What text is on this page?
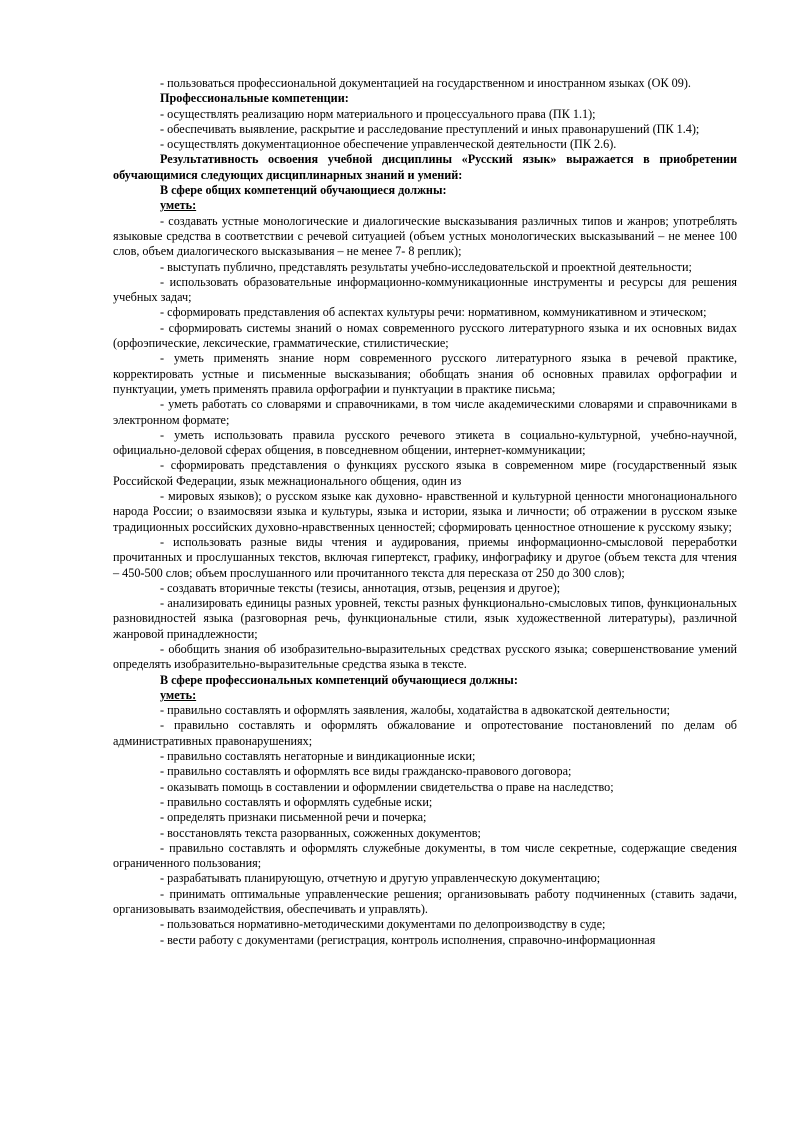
- пользоваться профессиональной документацией на государственном и иностранном языках (ОК 09).

Профессиональные компетенции:

- осуществлять реализацию норм материального и процессуального права (ПК 1.1);

- обеспечивать выявление, раскрытие и расследование преступлений и иных правонарушений (ПК 1.4);

- осуществлять документационное обеспечение управленческой деятельности (ПК 2.6).

Результативность освоения учебной дисциплины «Русский язык» выражается в приобретении обучающимися следующих дисциплинарных знаний и умений:

В сфере общих компетенций обучающиеся должны:

уметь:

- создавать устные монологические и диалогические высказывания различных типов и жанров; употреблять языковые средства в соответствии с речевой ситуацией (объем устных монологических высказываний – не менее 100 слов, объем диалогического высказывания – не менее 7- 8 реплик);

- выступать публично, представлять результаты учебно-исследовательской и проектной деятельности;

- использовать образовательные информационно-коммуникационные инструменты и ресурсы для решения учебных задач;

- сформировать представления об аспектах культуры речи: нормативном, коммуникативном и этическом;

- сформировать системы знаний о номах современного русского литературного языка и их основных видах (орфоэпические, лексические, грамматические, стилистические;

- уметь применять знание норм современного русского литературного языка в речевой практике, корректировать устные и письменные высказывания; обобщать знания об основных правилах орфографии и пунктуации, уметь применять правила орфографии и пунктуации в практике письма;

- уметь работать со словарями и справочниками, в том числе академическими словарями и справочниками в электронном формате;

- уметь использовать правила русского речевого этикета в социально-культурной, учебно-научной, официально-деловой сферах общения, в повседневном общении, интернет-коммуникации;

- сформировать представления о функциях русского языка в современном мире (государственный язык Российской Федерации, язык межнационального общения, один из

- мировых языков); о русском языке как духовно- нравственной и культурной ценности многонационального народа России; о взаимосвязи языка и культуры, языка и истории, языка и личности; об отражении в русском языке традиционных российских духовно-нравственных ценностей; сформировать ценностное отношение к русскому языку;

- использовать разные виды чтения и аудирования, приемы информационно-смысловой переработки прочитанных и прослушанных текстов, включая гипертекст, графику, инфографику и другое (объем текста для чтения – 450-500 слов; объем прослушанного или прочитанного текста для пересказа от 250 до 300 слов);

- создавать вторичные тексты (тезисы, аннотация, отзыв, рецензия и другое);

- анализировать единицы разных уровней, тексты разных функционально-смысловых типов, функциональных разновидностей языка (разговорная речь, функциональные стили, язык художественной литературы), различной жанровой принадлежности;

- обобщить знания об изобразительно-выразительных средствах русского языка; совершенствование умений определять изобразительно-выразительные средства языка в тексте.

В сфере профессиональных компетенций обучающиеся должны:

уметь:

- правильно составлять и оформлять заявления, жалобы, ходатайства в адвокатской деятельности;

- правильно составлять и оформлять обжалование и опротестование постановлений по делам об административных правонарушениях;

- правильно составлять негаторные и виндикационные иски;

- правильно составлять и оформлять все виды гражданско-правового договора;

- оказывать помощь в составлении и оформлении свидетельства о праве на наследство;

- правильно составлять и оформлять судебные иски;

- определять признаки письменной речи и почерка;

- восстановлять текста разорванных, сожженных документов;

- правильно составлять и оформлять служебные документы, в том числе секретные, содержащие сведения ограниченного пользования;

- разрабатывать планирующую, отчетную и другую управленческую документацию;

- принимать оптимальные управленческие решения; организовывать работу подчиненных (ставить задачи, организовывать взаимодействия, обеспечивать и управлять).

- пользоваться нормативно-методическими документами по делопроизводству в суде;

- вести работу с документами (регистрация, контроль исполнения, справочно-информационная
